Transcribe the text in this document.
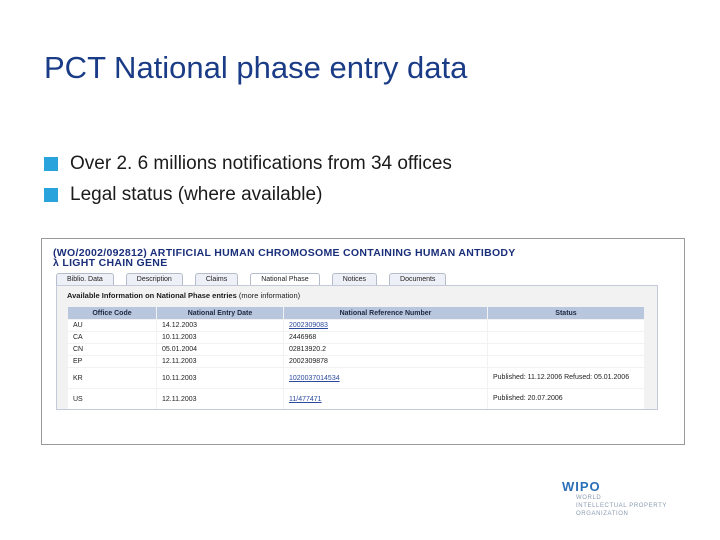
PCT National phase entry data
Over 2. 6 millions notifications from 34 offices
Legal status (where available)
(WO/2002/092812) ARTIFICIAL HUMAN CHROMOSOME CONTAINING HUMAN ANTIBODY
λ LIGHT CHAIN GENE
Biblio. Data	Description	Claims	National Phase	Notices	Documents
Available Information on National Phase entries (more information)
Office Code	National Entry Date	National Reference Number	Status
AU	14.12.2003	2002309083	
CA	10.11.2003	2446968	
CN	05.01.2004	02813920.2	
EP	12.11.2003	2002309878	
KR	10.11.2003	1020037014534	Published: 11.12.2006 Refused: 05.01.2006
US	12.11.2003	11/477471	Published: 20.07.2006
WIPO
WORLD
INTELLECTUAL PROPERTY
ORGANIZATION
